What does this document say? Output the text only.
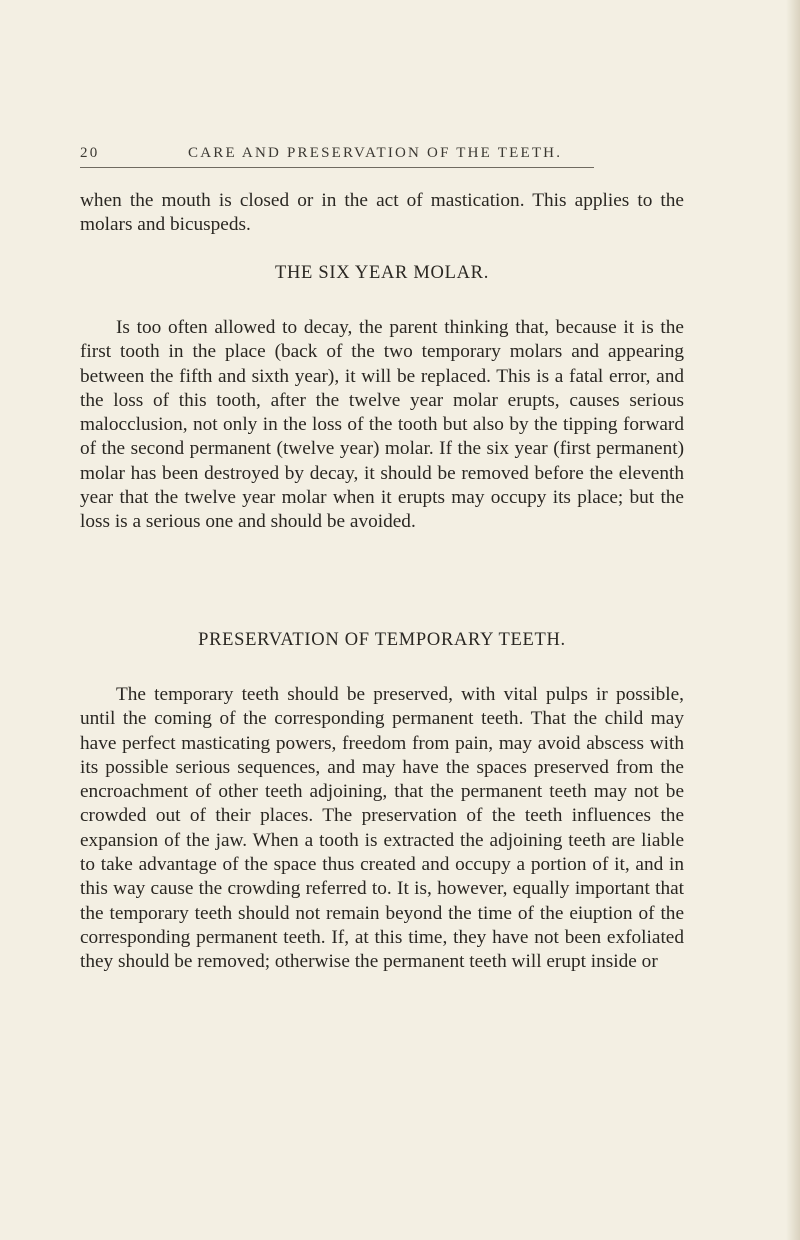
20	CARE AND PRESERVATION OF THE TEETH.

when the mouth is closed or in the act of mastication. This applies to the molars and bicuspeds.

THE SIX YEAR MOLAR.

Is too often allowed to decay, the parent thinking that, because it is the first tooth in the place (back of the two temporary molars and appearing between the fifth and sixth year), it will be replaced. This is a fatal error, and the loss of this tooth, after the twelve year molar erupts, causes serious malocclusion, not only in the loss of the tooth but also by the tipping forward of the second permanent (twelve year) molar. If the six year (first permanent) molar has been destroyed by decay, it should be removed before the eleventh year that the twelve year molar when it erupts may occupy its place; but the loss is a serious one and should be avoided.

PRESERVATION OF TEMPORARY TEETH.

The temporary teeth should be preserved, with vital pulps ir possible, until the coming of the corresponding permanent teeth. That the child may have perfect masticating powers, freedom from pain, may avoid abscess with its possible serious sequences, and may have the spaces preserved from the encroachment of other teeth adjoining, that the permanent teeth may not be crowded out of their places. The preservation of the teeth influences the expansion of the jaw. When a tooth is extracted the adjoining teeth are liable to take advantage of the space thus created and occupy a portion of it, and in this way cause the crowding referred to. It is, however, equally important that the temporary teeth should not remain beyond the time of the eiuption of the corresponding permanent teeth. If, at this time, they have not been exfoliated they should be removed; otherwise the permanent teeth will erupt inside or
